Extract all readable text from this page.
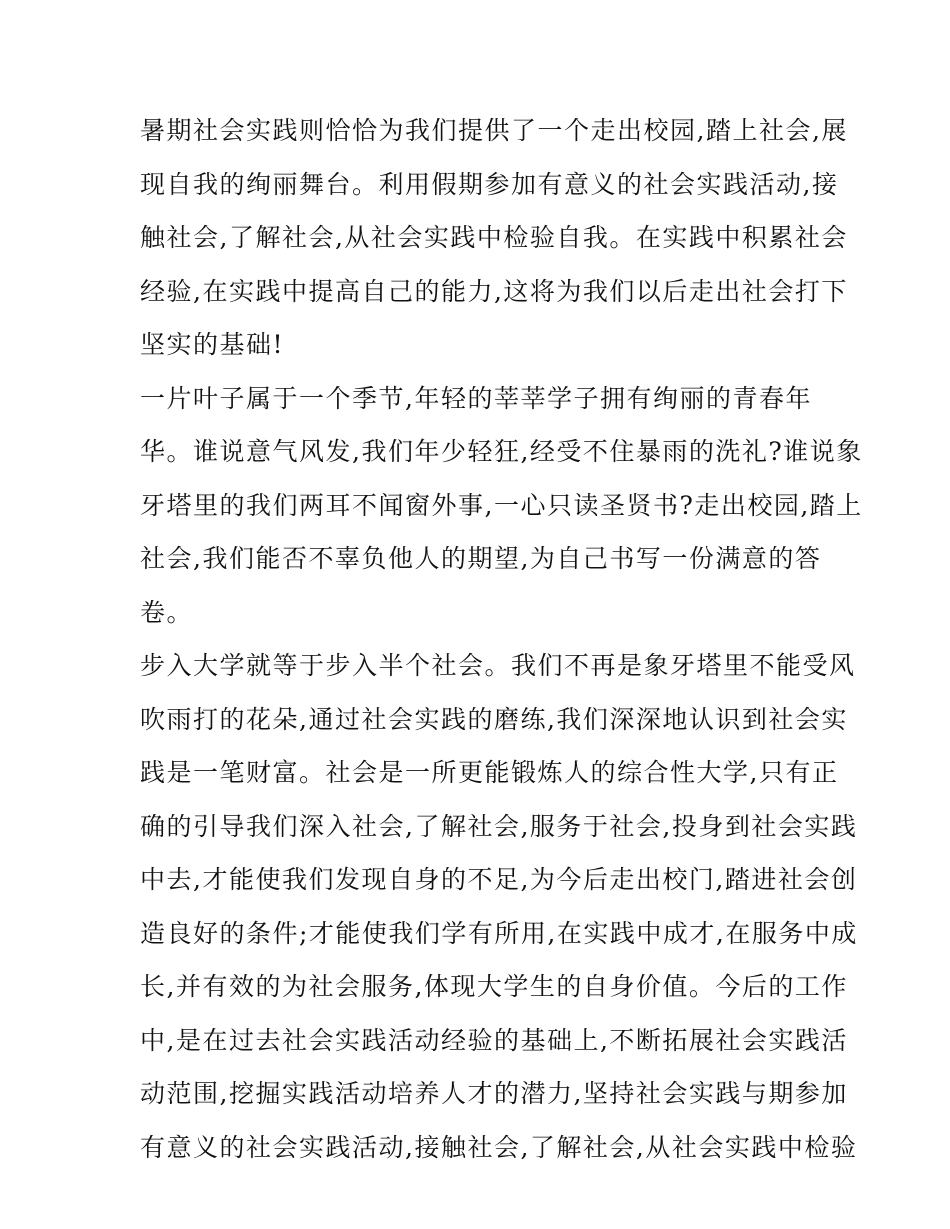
暑期社会实践则恰恰为我们提供了一个走出校园,踏上社会,展
现自我的绚丽舞台。利用假期参加有意义的社会实践活动,接
触社会,了解社会,从社会实践中检验自我。在实践中积累社会
经验,在实践中提高自己的能力,这将为我们以后走出社会打下
坚实的基础!
一片叶子属于一个季节,年轻的莘莘学子拥有绚丽的青春年
华。谁说意气风发,我们年少轻狂,经受不住暴雨的洗礼?谁说象
牙塔里的我们两耳不闻窗外事,一心只读圣贤书?走出校园,踏上
社会,我们能否不辜负他人的期望,为自己书写一份满意的答
卷。
步入大学就等于步入半个社会。我们不再是象牙塔里不能受风
吹雨打的花朵,通过社会实践的磨练,我们深深地认识到社会实
践是一笔财富。社会是一所更能锻炼人的综合性大学,只有正
确的引导我们深入社会,了解社会,服务于社会,投身到社会实践
中去,才能使我们发现自身的不足,为今后走出校门,踏进社会创
造良好的条件;才能使我们学有所用,在实践中成才,在服务中成
长,并有效的为社会服务,体现大学生的自身价值。今后的工作
中,是在过去社会实践活动经验的基础上,不断拓展社会实践活
动范围,挖掘实践活动培养人才的潜力,坚持社会实践与期参加
有意义的社会实践活动,接触社会,了解社会,从社会实践中检验
